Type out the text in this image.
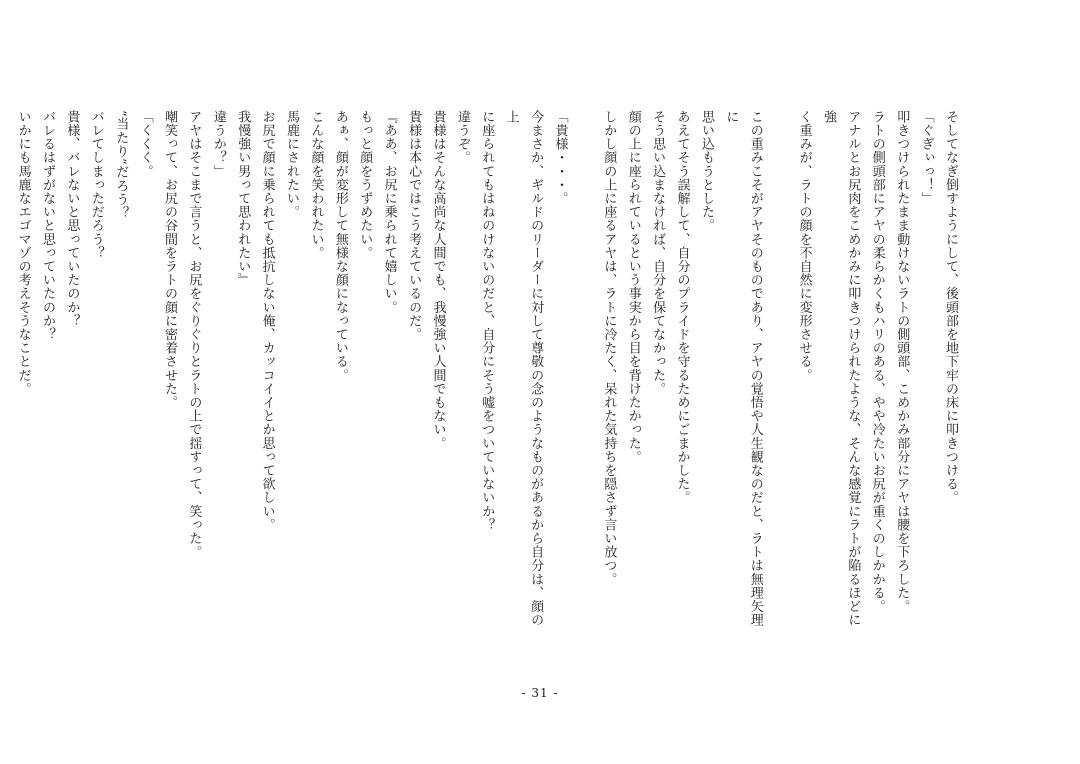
そしてなぎ倒すようにして、後頭部を地下牢の床に叩きつける。

「ぐぎぃっ！」

叩きつけられたまま動けないラトの側頭部、こめかみ部分にアヤは腰を下ろした。

ラトの側頭部にアヤの柔らかくもハリのある、やや冷たいお尻が重くのしかかる。

アナルとお尻肉をこめかみに叩きつけられたような、そんな感覚にラトが陥るほどに強

く重みが、ラトの顔を不自然に変形させる。

この重みこそがアヤそのものであり、アヤの覚悟や人生観なのだと、ラトは無理矢理に

思い込もうとした。

あえてそう誤解して、自分のプライドを守るためにごまかした。

そう思い込まなければ、自分を保てなかった。

顔の上に座られているという事実から目を背けたかった。

しかし顔の上に座るアヤは、ラトに冷たく、呆れた気持ちを隠さず言い放つ。

「貴様・・・。

今まさか、ギルドのリーダーに対して尊敬の念のようなものがあるから自分は、顔の上

に座られてもはねのけないのだと、自分にそう嘘をついていないか？

違うぞ。

貴様はそんな高尚な人間でも、我慢強い人間でもない。

貴様は本心ではこう考えているのだ。

『ああ、お尻に乗られて嬉しい。

もっと顔をうずめたい。

あぁ、顔が変形して無様な顔になっている。

こんな顔を笑われたい。

馬鹿にされたい。

お尻で顔に乗られても抵抗しない俺、カッコイイとか思って欲しい。

我慢強い男って思われたい』

違うか？」

アヤはそこまで言うと、お尻をぐりぐりとラトの上で揺すって、笑った。

嘲笑って、お尻の谷間をラトの顔に密着させた。

「くくく。

“当たり“だろう？

バレてしまっただろう？

貴様、バレないと思っていたのか？

バレるはずがないと思っていたのか？

いかにも馬鹿なエゴマゾの考えそうなことだ。

- 31 -
